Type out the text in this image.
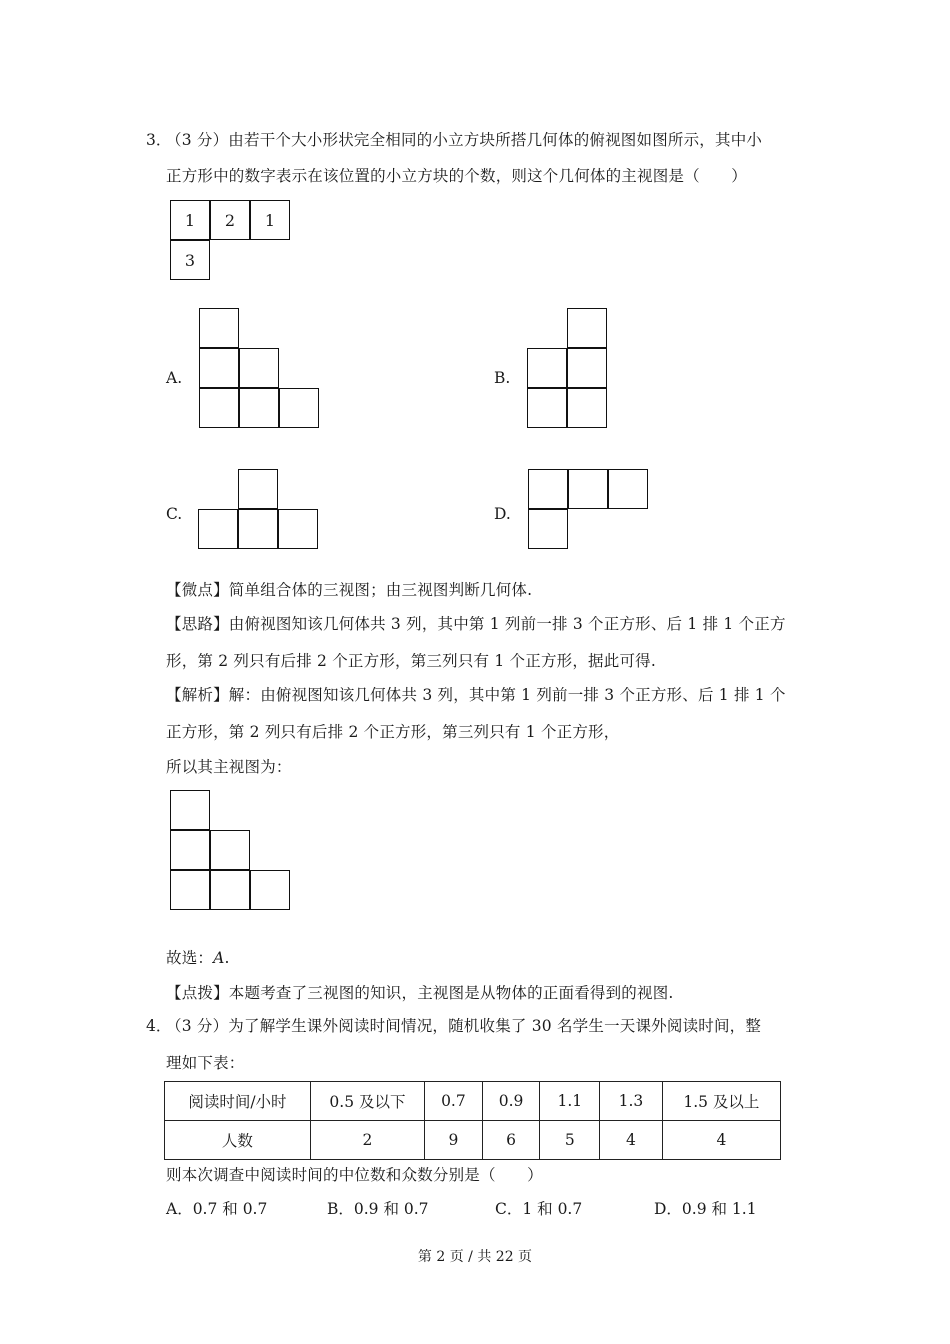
3．
（3 分）由若干个大小形状完全相同的小立方块所搭几何体的俯视图如图所示，其中小
正方形中的数字表示在该位置的小立方块的个数，则这个几何体的主视图是（　　）
1	2	1
3
A.	B.
C.	D.
【微点】简单组合体的三视图；由三视图判断几何体.
【思路】由俯视图知该几何体共 3 列，其中第 1 列前一排 3 个正方形、后 1 排 1 个正方
形，第 2 列只有后排 2 个正方形，第三列只有 1 个正方形，据此可得.
【解析】解：由俯视图知该几何体共 3 列，其中第 1 列前一排 3 个正方形、后 1 排 1 个
正方形，第 2 列只有后排 2 个正方形，第三列只有 1 个正方形，
所以其主视图为：
故选：A.
【点拨】本题考查了三视图的知识，主视图是从物体的正面看得到的视图.
4．
（3 分）为了解学生课外阅读时间情况，随机收集了 30 名学生一天课外阅读时间，整
理如下表：
阅读时间/小时	0.5 及以下	0.7	0.9	1.1	1.3	1.5 及以上
人数	2	9	6	5	4	4
则本次调查中阅读时间的中位数和众数分别是（　　）
A．0.7 和 0.7	B．0.9 和 0.7	C．1 和 0.7	D．0.9 和 1.1
第 2 页 / 共 22 页
